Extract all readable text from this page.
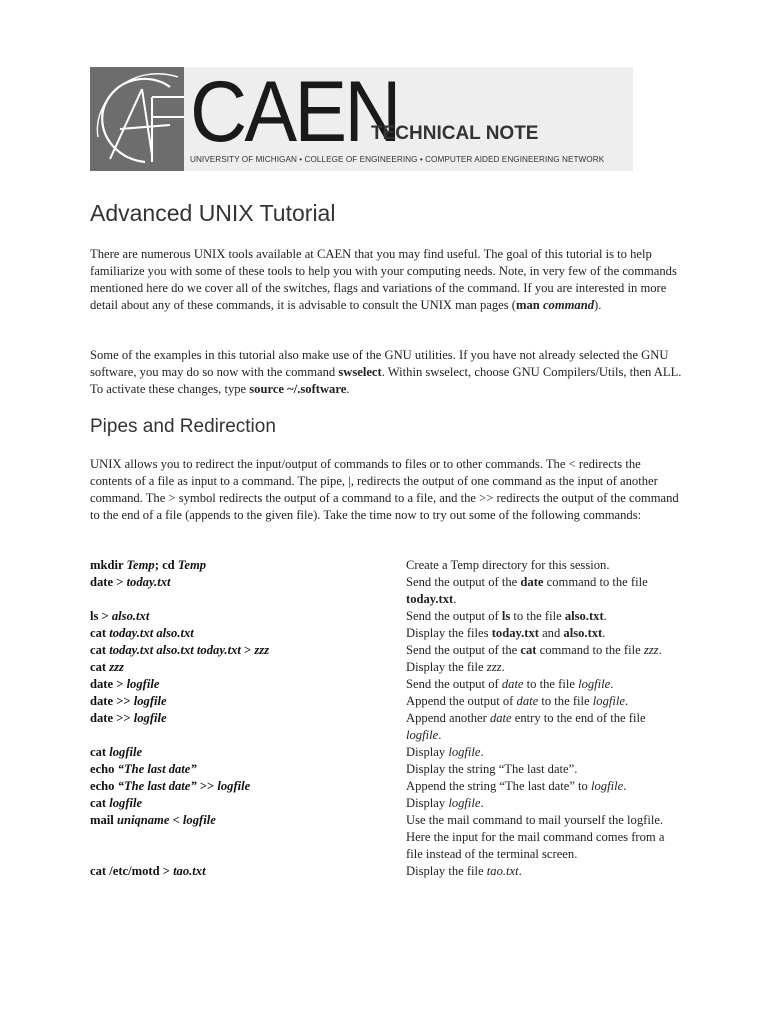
CAEN
TECHNICAL NOTE
UNIVERSITY OF MICHIGAN • COLLEGE OF ENGINEERING • COMPUTER AIDED ENGINEERING NETWORK
Advanced UNIX Tutorial
There are numerous UNIX tools available at CAEN that you may find useful. The goal of this tutorial is to help familiarize you with some of these tools to help you with your computing needs. Note, in very few of the commands mentioned here do we cover all of the switches, flags and variations of the command. If you are interested in more detail about any of these commands, it is advisable to consult the UNIX man pages (man command).
Some of the examples in this tutorial also make use of the GNU utilities. If you have not already selected the GNU software, you may do so now with the command swselect. Within swselect, choose GNU Compilers/Utils, then ALL. To activate these changes, type source ~/.software.
Pipes and Redirection
UNIX allows you to redirect the input/output of commands to files or to other commands. The < redirects the contents of a file as input to a command. The pipe, |, redirects the output of one command as the input of another command. The > symbol redirects the output of a command to a file, and the >> redirects the output of the command to the end of a file (appends to the given file). Take the time now to try out some of the following commands:
mkdir Temp; cd Temp	Create a Temp directory for this session.
date > today.txt	Send the output of the date command to the file today.txt.
ls > also.txt	Send the output of ls to the file also.txt.
cat today.txt also.txt	Display the files today.txt and also.txt.
cat today.txt also.txt today.txt > zzz	Send the output of the cat command to the file zzz.
cat zzz	Display the file zzz.
date > logfile	Send the output of date to the file logfile.
date >> logfile	Append the output of date to the file logfile.
date >> logfile	Append another date entry to the end of the file logfile.
cat logfile	Display logfile.
echo “The last date”	Display the string “The last date”.
echo “The last date” >> logfile	Append the string “The last date” to logfile.
cat logfile	Display logfile.
mail uniqname < logfile	Use the mail command to mail yourself the logfile. Here the input for the mail command comes from a file instead of the terminal screen.
cat /etc/motd > tao.txt	Display the file tao.txt.
